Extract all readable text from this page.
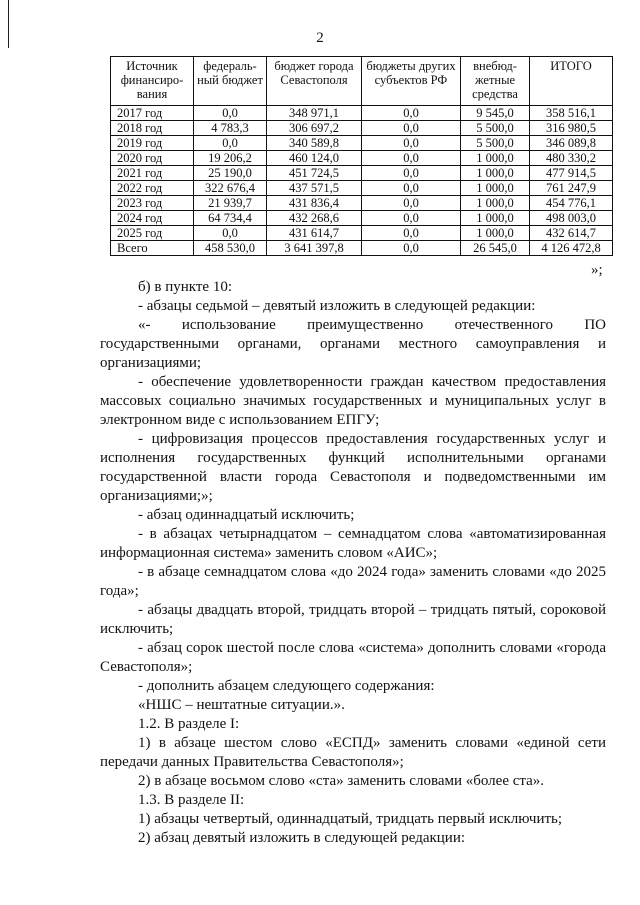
2
Источник финансиро-вания	федераль-ный бюджет	бюджет города Севастополя	бюджеты других субъектов РФ	внебюд-жетные средства	ИТОГО
2017 год	0,0	348 971,1	0,0	9 545,0	358 516,1
2018 год	4 783,3	306 697,2	0,0	5 500,0	316 980,5
2019 год	0,0	340 589,8	0,0	5 500,0	346 089,8
2020 год	19 206,2	460 124,0	0,0	1 000,0	480 330,2
2021 год	25 190,0	451 724,5	0,0	1 000,0	477 914,5
2022 год	322 676,4	437 571,5	0,0	1 000,0	761 247,9
2023 год	21 939,7	431 836,4	0,0	1 000,0	454 776,1
2024 год	64 734,4	432 268,6	0,0	1 000,0	498 003,0
2025 год	0,0	431 614,7	0,0	1 000,0	432 614,7
Всего	458 530,0	3 641 397,8	0,0	26 545,0	4 126 472,8
»;

б) в пункте 10:

- абзацы седьмой – девятый изложить в следующей редакции:

«- использование преимущественно отечественного ПО государственными органами, органами местного самоуправления и организациями;

- обеспечение удовлетворенности граждан качеством предоставления массовых социально значимых государственных и муниципальных услуг в электронном виде с использованием ЕПГУ;

- цифровизация процессов предоставления государственных услуг и исполнения государственных функций исполнительными органами государственной власти города Севастополя и подведомственными им организациями;»;

- абзац одиннадцатый исключить;

- в абзацах четырнадцатом – семнадцатом слова «автоматизированная информационная система» заменить словом «АИС»;

- в абзаце семнадцатом слова «до 2024 года» заменить словами «до 2025 года»;

- абзацы двадцать второй, тридцать второй – тридцать пятый, сороковой исключить;

- абзац сорок шестой после слова «система» дополнить словами «города Севастополя»;

- дополнить абзацем следующего содержания:

«НШС – нештатные ситуации.».

1.2. В разделе I:

1) в абзаце шестом слово «ЕСПД» заменить словами «единой сети передачи данных Правительства Севастополя»;

2) в абзаце восьмом слово «ста» заменить словами «более ста».

1.3. В разделе II:

1) абзацы четвертый, одиннадцатый, тридцать первый исключить;

2) абзац девятый изложить в следующей редакции:
